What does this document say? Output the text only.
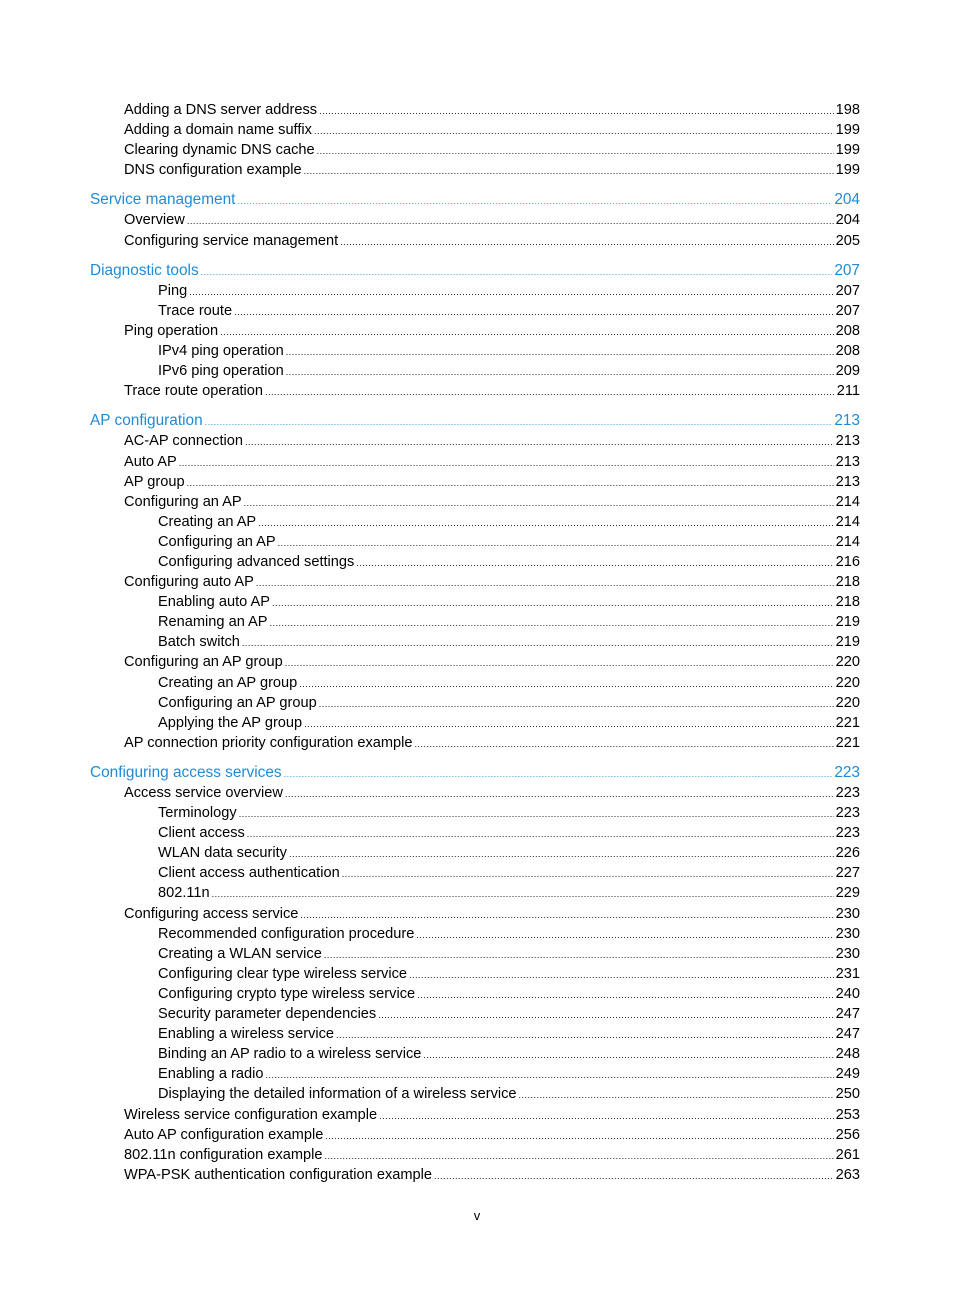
Adding a DNS server address .....	198
Adding a domain name suffix .....	199
Clearing dynamic DNS cache .....	199
DNS configuration example .....	199
Service management .....	204
Overview .....	204
Configuring service management .....	205
Diagnostic tools .....	207
Ping .....	207
Trace route .....	207
Ping operation .....	208
IPv4 ping operation .....	208
IPv6 ping operation .....	209
Trace route operation .....	211
AP configuration .....	213
AC-AP connection .....	213
Auto AP .....	213
AP group .....	213
Configuring an AP .....	214
Creating an AP .....	214
Configuring an AP .....	214
Configuring advanced settings .....	216
Configuring auto AP .....	218
Enabling auto AP .....	218
Renaming an AP .....	219
Batch switch .....	219
Configuring an AP group .....	220
Creating an AP group .....	220
Configuring an AP group .....	220
Applying the AP group .....	221
AP connection priority configuration example .....	221
Configuring access services .....	223
Access service overview .....	223
Terminology .....	223
Client access .....	223
WLAN data security .....	226
Client access authentication .....	227
802.11n .....	229
Configuring access service .....	230
Recommended configuration procedure .....	230
Creating a WLAN service .....	230
Configuring clear type wireless service .....	231
Configuring crypto type wireless service .....	240
Security parameter dependencies .....	247
Enabling a wireless service .....	247
Binding an AP radio to a wireless service .....	248
Enabling a radio .....	249
Displaying the detailed information of a wireless service .....	250
Wireless service configuration example .....	253
Auto AP configuration example .....	256
802.11n configuration example .....	261
WPA-PSK authentication configuration example .....	263
v
